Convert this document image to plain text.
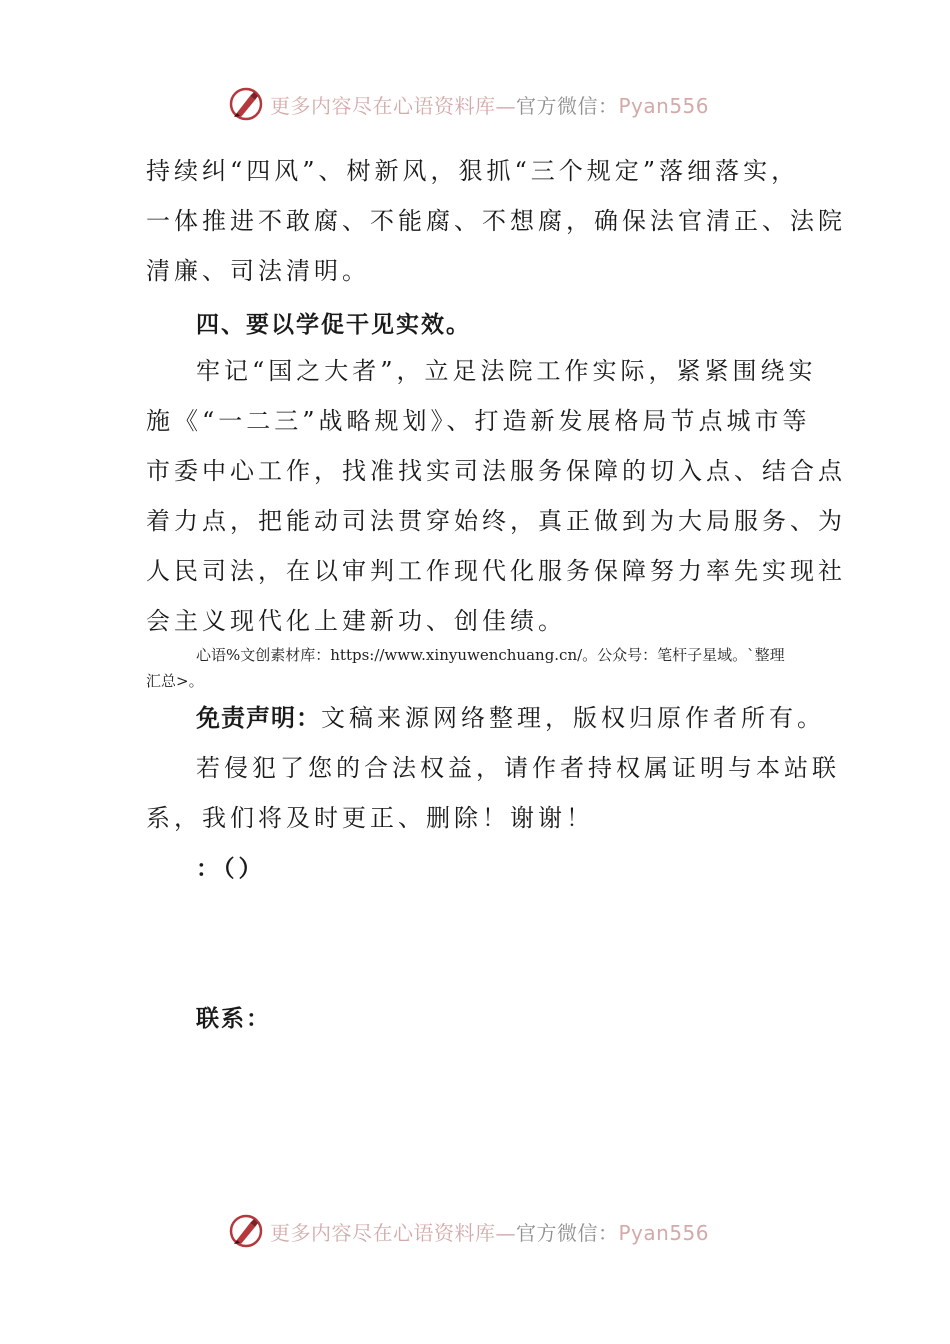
更多内容尽在心语资料库—官方微信：Pyan556
持续纠“四风”、树新风，狠抓“三个规定”落细落实，
一体推进不敢腐、不能腐、不想腐，确保法官清正、法院
清廉、司法清明。
四、要以学促干见实效。
牢记“国之大者”，立足法院工作实际，紧紧围绕实
施《“一二三”战略规划》、打造新发展格局节点城市等
市委中心工作，找准找实司法服务保障的切入点、结合点
着力点，把能动司法贯穿始终，真正做到为大局服务、为
人民司法，在以审判工作现代化服务保障努力率先实现社
会主义现代化上建新功、创佳绩。
心语%文创素材库：https://www.xinyuwenchuang.cn/。公众号：笔杆子星域。`整理
汇总>。
免责声明：文稿来源网络整理，版权归原作者所有。
若侵犯了您的合法权益，请作者持权属证明与本站联
系，我们将及时更正、删除！谢谢！
：（）
联系：
更多内容尽在心语资料库—官方微信：Pyan556
